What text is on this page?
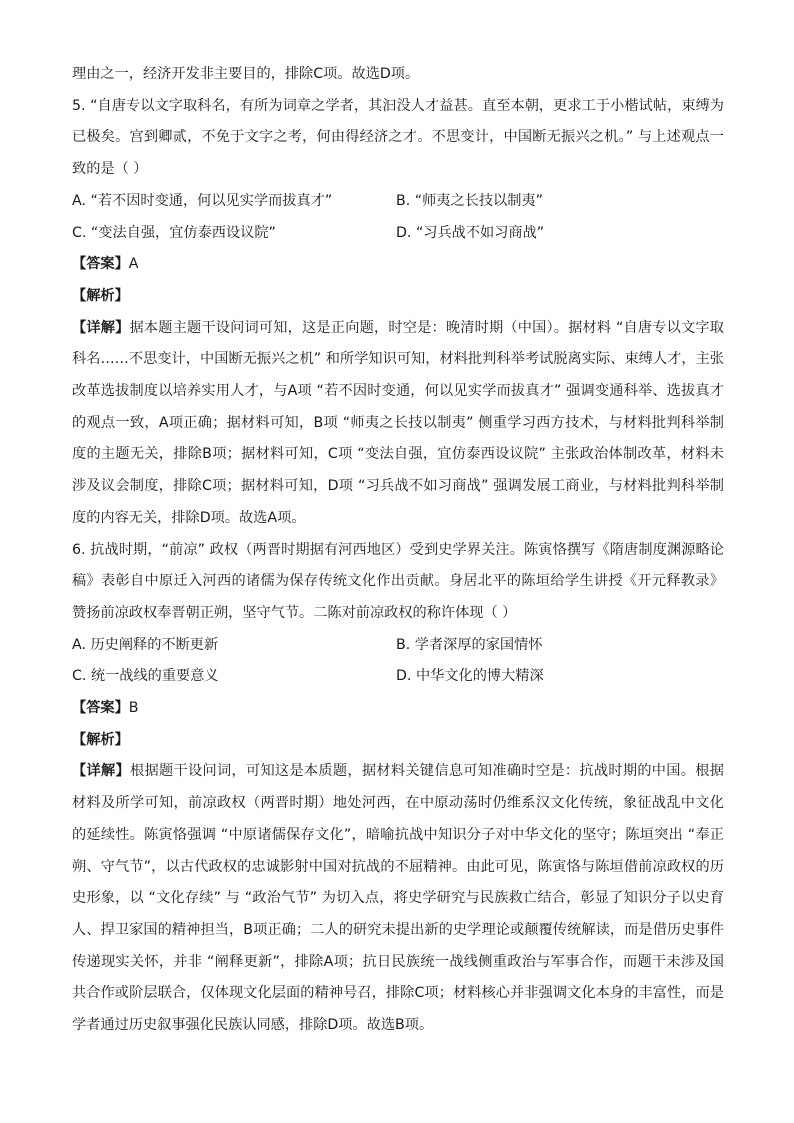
理由之一，经济开发非主要目的，排除C项。故选D项。

5. “自唐专以文字取科名，有所为词章之学者，其汩没人才益甚。直至本朝，更求工于小楷试帖，束缚为已极矣。宫到卿贰，不免于文字之考，何由得经济之才。不思变计，中国断无振兴之机。” 与上述观点一致的是（ ）

A. “若不因时变通，何以见实学而拔真才”	B. “师夷之长技以制夷”
C. “变法自强，宜仿泰西设议院”	D. “习兵战不如习商战”

【答案】A

【解析】

【详解】据本题主题干设问词可知，这是正向题，时空是：晚清时期（中国）。据材料 “自唐专以文字取科名……不思变计，中国断无振兴之机” 和所学知识可知，材料批判科举考试脱离实际、束缚人才，主张改革选拔制度以培养实用人才，与A项 “若不因时变通，何以见实学而拔真才” 强调变通科举、选拔真才的观点一致，A项正确；据材料可知，B项 “师夷之长技以制夷” 侧重学习西方技术，与材料批判科举制度的主题无关，排除B项；据材料可知，C项 “变法自强，宜仿泰西设议院” 主张政治体制改革，材料未涉及议会制度，排除C项；据材料可知，D项 “习兵战不如习商战” 强调发展工商业，与材料批判科举制度的内容无关，排除D项。故选A项。

6. 抗战时期，“前凉” 政权（两晋时期据有河西地区）受到史学界关注。陈寅恪撰写《隋唐制度渊源略论稿》表彰自中原迁入河西的诸儒为保存传统文化作出贡献。身居北平的陈垣给学生讲授《开元释教录》赞扬前凉政权奉晋朝正朔，坚守气节。二陈对前凉政权的称许体现（ ）

A. 历史阐释的不断更新	B. 学者深厚的家国情怀
C. 统一战线的重要意义	D. 中华文化的博大精深

【答案】B

【解析】

【详解】根据题干设问词，可知这是本质题，据材料关键信息可知准确时空是：抗战时期的中国。根据材料及所学可知，前凉政权（两晋时期）地处河西，在中原动荡时仍维系汉文化传统，象征战乱中文化的延续性。陈寅恪强调 “中原诸儒保存文化”，暗喻抗战中知识分子对中华文化的坚守；陈垣突出 “奉正朔、守气节”，以古代政权的忠诚影射中国对抗战的不屈精神。由此可见，陈寅恪与陈垣借前凉政权的历史形象，以 “文化存续” 与 “政治气节” 为切入点，将史学研究与民族救亡结合，彰显了知识分子以史育人、捍卫家国的精神担当，B项正确；二人的研究未提出新的史学理论或颠覆传统解读，而是借历史事件传递现实关怀，并非 “阐释更新”，排除A项；抗日民族统一战线侧重政治与军事合作，而题干未涉及国共合作或阶层联合，仅体现文化层面的精神号召，排除C项；材料核心并非强调文化本身的丰富性，而是学者通过历史叙事强化民族认同感，排除D项。故选B项。
